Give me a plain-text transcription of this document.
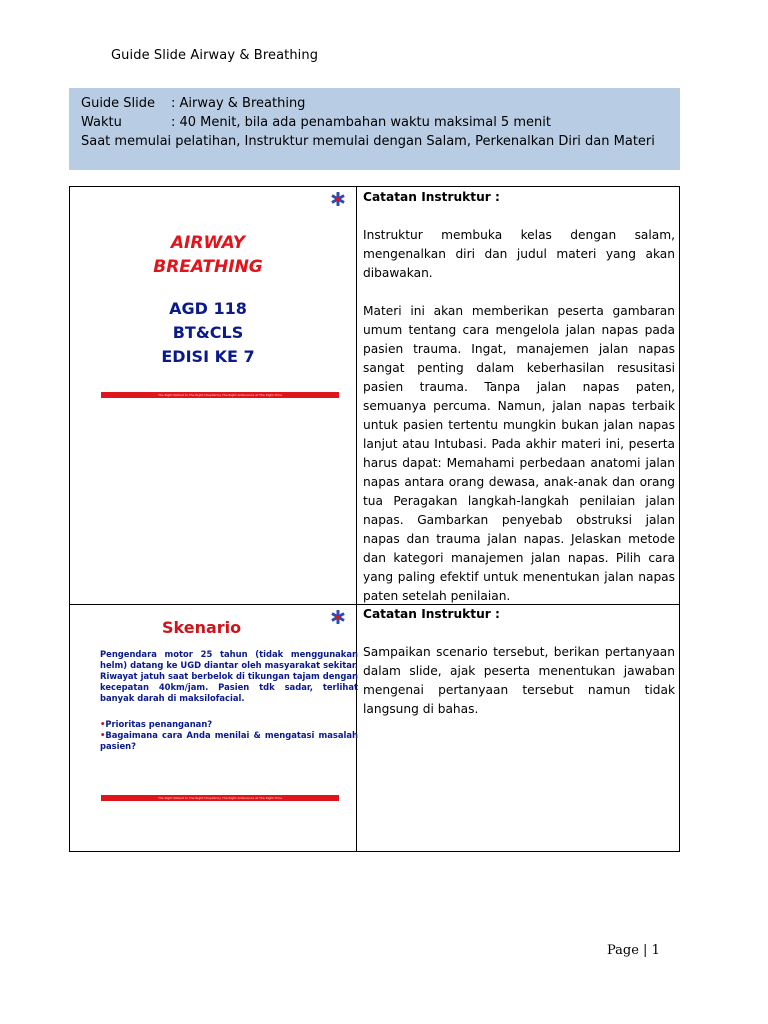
Guide Slide Airway & Breathing
Guide Slide	: Airway & Breathing
Waktu	: 40 Menit, bila ada penambahan waktu maksimal 5 menit
Saat memulai pelatihan, Instruktur memulai dengan Salam, Perkenalkan Diri dan Materi
AIRWAY
BREATHING
AGD 118
BT&CLS
EDISI KE 7
The Right Patient to The Right Hospital by The Right Ambulance at The Right Time
Skenario
Pengendara motor 25 tahun (tidak menggunakan helm) datang ke UGD diantar oleh masyarakat sekitar. Riwayat jatuh saat berbelok di tikungan tajam dengan kecepatan 40km/jam. Pasien tdk sadar, terlihat banyak darah di maksilofacial.

•Prioritas penanganan?

•Bagaimana cara Anda menilai & mengatasi masalah pasien?

The Right Patient to The Right Hospital by The Right Ambulance at The Right Time

Catatan Instruktur :

Instruktur membuka kelas dengan salam, mengenalkan diri dan judul materi yang akan dibawakan.

Materi ini akan memberikan peserta gambaran umum tentang cara mengelola jalan napas pada pasien trauma. Ingat, manajemen jalan napas sangat penting dalam keberhasilan resusitasi pasien trauma. Tanpa jalan napas paten, semuanya percuma. Namun, jalan napas terbaik untuk pasien tertentu mungkin bukan jalan napas lanjut atau Intubasi. Pada akhir materi ini, peserta harus dapat: Memahami perbedaan anatomi jalan napas antara orang dewasa, anak-anak dan orang tua Peragakan langkah-langkah penilaian jalan napas. Gambarkan penyebab obstruksi jalan napas dan trauma jalan napas. Jelaskan metode dan kategori manajemen jalan napas. Pilih cara yang paling efektif untuk menentukan jalan napas paten setelah penilaian.

Catatan Instruktur :

Sampaikan scenario tersebut, berikan pertanyaan dalam slide, ajak peserta menentukan jawaban mengenai pertanyaan tersebut namun tidak langsung di bahas.

Page | 1
